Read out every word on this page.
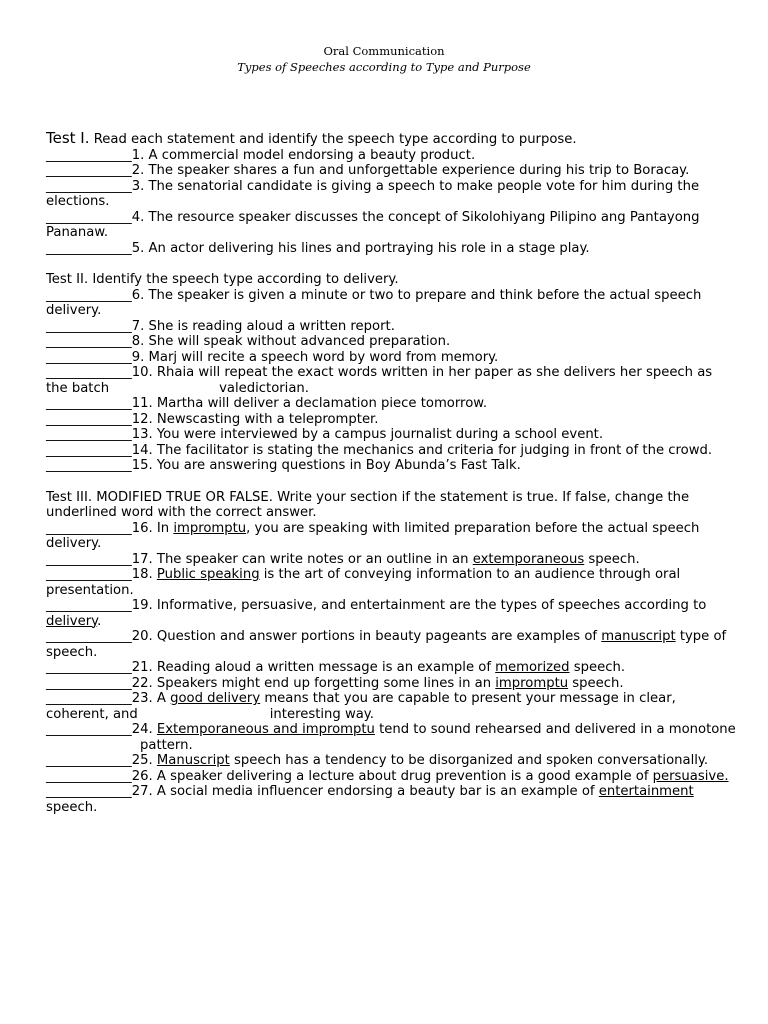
Oral Communication
Types of Speeches according to Type and Purpose

Test I. Read each statement and identify the speech type according to purpose.

_____________1. A commercial model endorsing a beauty product.

_____________2. The speaker shares a fun and unforgettable experience during his trip to Boracay.

_____________3. The senatorial candidate is giving a speech to make people vote for him during the elections.

_____________4. The resource speaker discusses the concept of Sikolohiyang Pilipino ang Pantayong Pananaw.

_____________5. An actor delivering his lines and portraying his role in a stage play.

Test II. Identify the speech type according to delivery.

_____________6. The speaker is given a minute or two to prepare and think before the actual speech delivery.

_____________7. She is reading aloud a written report.

_____________8. She will speak without advanced preparation.

_____________9. Marj will recite a speech word by word from memory.

_____________10. Rhaia will repeat the exact words written in her paper as she delivers her speech as the batch	valedictorian.

_____________11. Martha will deliver a declamation piece tomorrow.

_____________12. Newscasting with a teleprompter.

_____________13. You were interviewed by a campus journalist during a school event.

_____________14. The facilitator is stating the mechanics and criteria for judging in front of the crowd.

_____________15. You are answering questions in Boy Abunda’s Fast Talk.

Test III. MODIFIED TRUE OR FALSE. Write your section if the statement is true. If false, change the underlined word with the correct answer.

_____________16. In impromptu, you are speaking with limited preparation before the actual speech delivery.

_____________17. The speaker can write notes or an outline in an extemporaneous speech.

_____________18. Public speaking is the art of conveying information to an audience through oral presentation.

_____________19. Informative, persuasive, and entertainment are the types of speeches according to delivery.

_____________20. Question and answer portions in beauty pageants are examples of manuscript type of speech.

_____________21. Reading aloud a written message is an example of memorized speech.

_____________22. Speakers might end up forgetting some lines in an impromptu speech.

_____________23. A good delivery means that you are capable to present your message in clear, coherent, and	interesting way.

_____________24. Extemporaneous and impromptu tend to sound rehearsed and delivered in a monotonepattern.

_____________25. Manuscript speech has a tendency to be disorganized and spoken conversationally.

_____________26. A speaker delivering a lecture about drug prevention is a good example of persuasive.

_____________27. A social media influencer endorsing a beauty bar is an example of entertainment speech.
